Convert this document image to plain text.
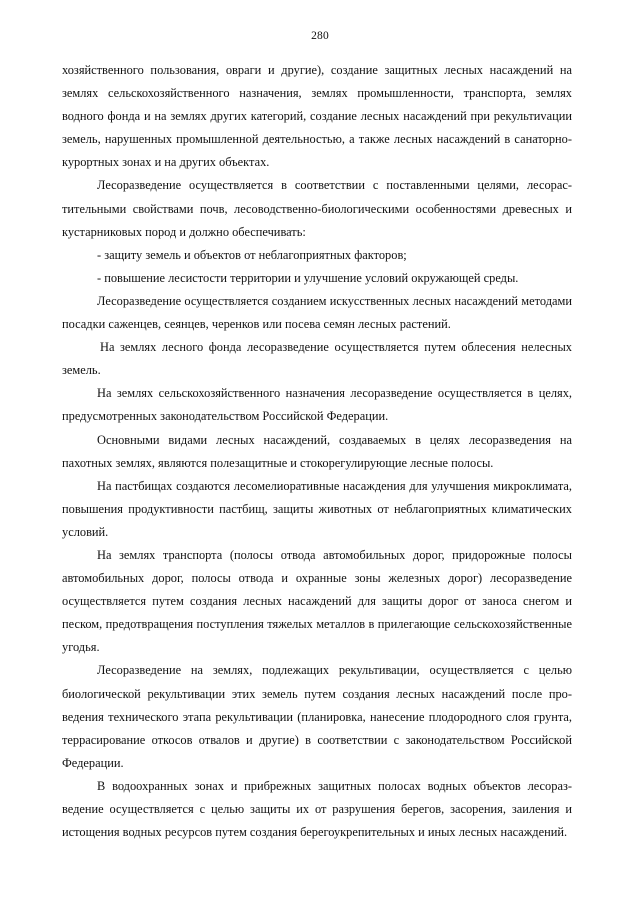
280

хозяйственного пользования, овраги и другие), создание защитных лесных насаждений на землях сельскохозяйственного назначения, землях промышленности, транспорта, землях водного фонда и на землях других категорий, создание лесных насаждений при рекультиvации земель, нарушенных промышленной деятельностью, а также лесных насаждений в санаторно-курортных зонах и на других объектах.

Лесоразведение осуществляется в соответствии с поставленными целями, лесорастительными свойствами почв, лесоводственно-биологическими особенностями древесных и кустарниковых пород и должно обеспечивать:

- защиту земель и объектов от неблагоприятных факторов;

- повышение лесистости территории и улучшение условий окружающей среды.

Лесоразведение осуществляется созданием искусственных лесных насаждений методами посадки саженцев, сеянцев, черенков или посева семян лесных растений.

На землях лесного фонда лесоразведение осуществляется путем облесения нелесных земель.

На землях сельскохозяйственного назначения лесоразведение осуществляется в целях, предусмотренных законодательством Российской Федерации.

Основными видами лесных насаждений, создаваемых в целях лесоразведения на пахотных землях, являются полезащитные и стокорегулирующие лесные полосы.

На пастбищах создаются лесомелиоративные насаждения для улучшения микроклимата, повышения продуктивности пастбищ, защиты животных от неблагоприятных климатических условий.

На землях транспорта (полосы отвода автомобильных дорог, придорожные полосы автомобильных дорог, полосы отвода и охранные зоны железных дорог) лесоразведение осуществляется путем создания лесных насаждений для защиты дорог от заноса снегом и песком, предотвращения поступления тяжелых металлов в прилегающие сельскохозяйственные угодья.

Лесоразведение на землях, подлежащих рекультивации, осуществляется с целью биологической рекультивации этих земель путем создания лесных насаждений после проведения технического этапа рекультивации (планировка, нанесение плодородного слоя грунта, террасирование откосов отвалов и другие) в соответствии с законодательством Российской Федерации.

В водоохранных зонах и прибрежных защитных полосах водных объектов лесоразведение осуществляется с целью защиты их от разрушения берегов, засорения, заиления и истощения водных ресурсов путем создания берегоукрепительных и иных лесных насаждений.
